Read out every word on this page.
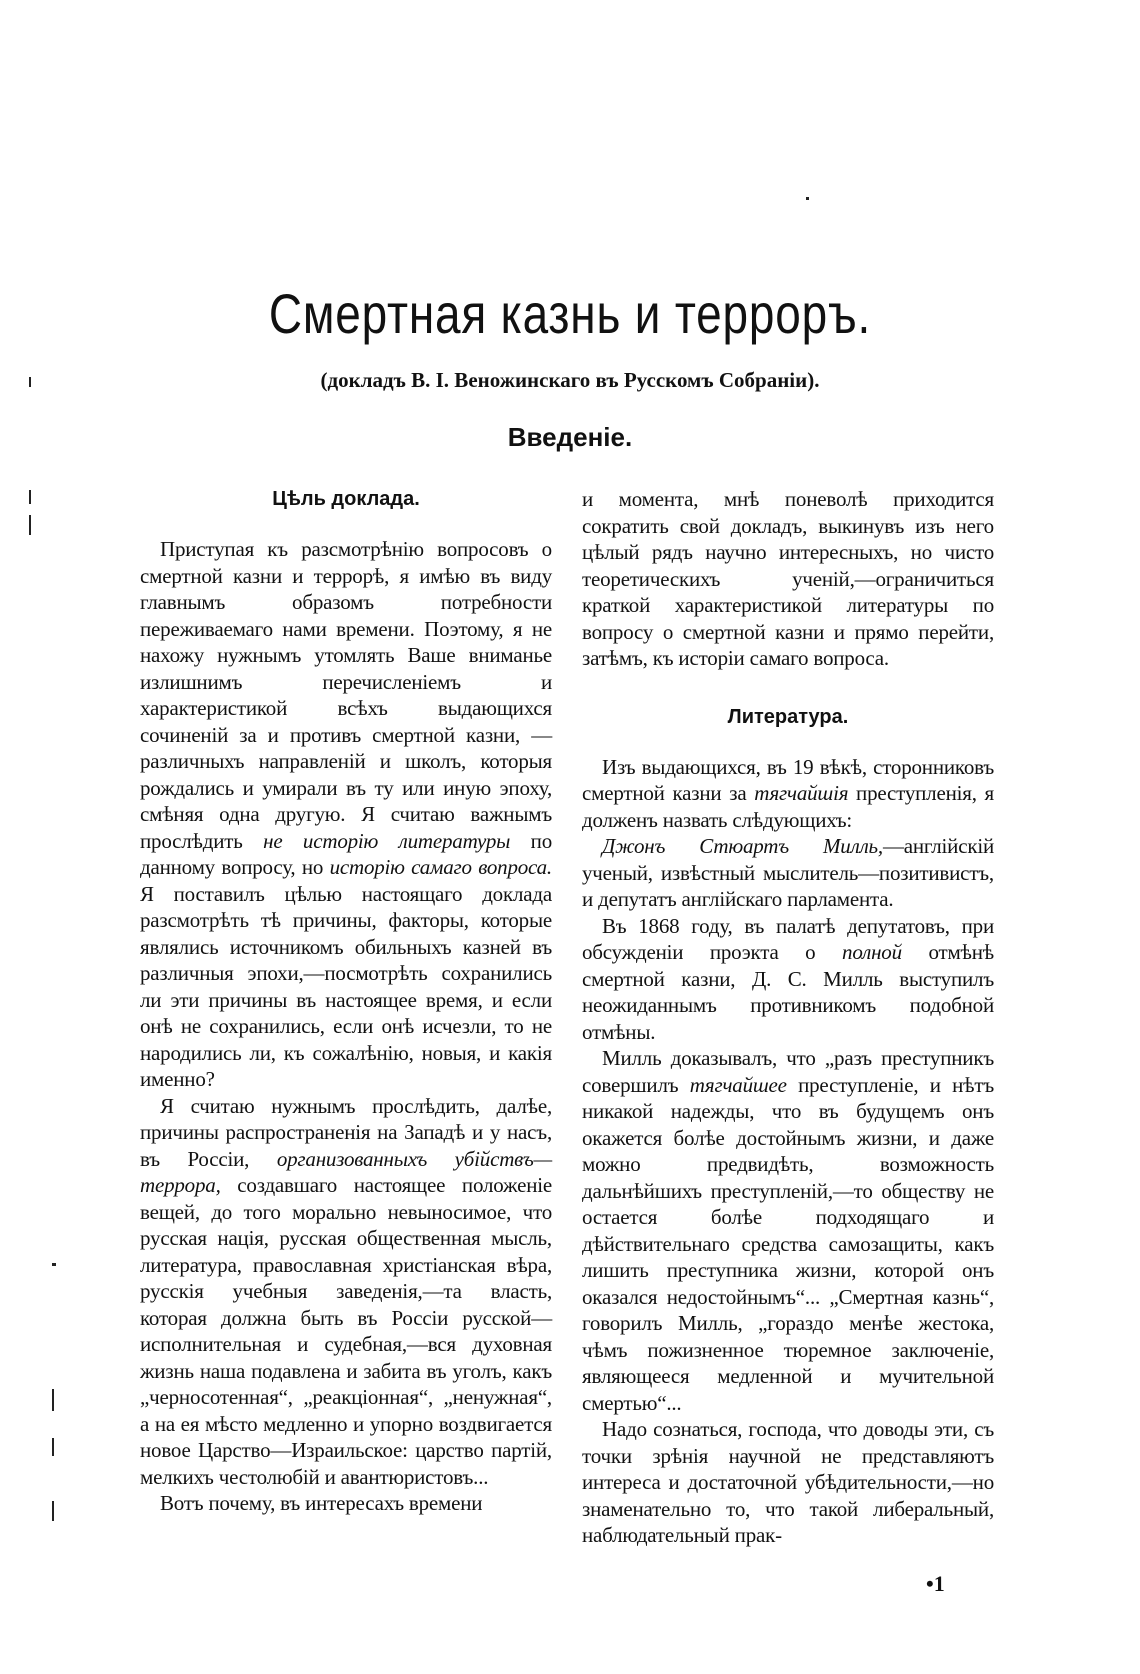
Смертная казнь и терроръ.
(докладъ В. I. Веножинскаго въ Русскомъ Собранiи).
Введенiе.
Цѣль доклада.

Приступая къ разсмотрѣнiю вопросовъ о смертной казни и террорѣ, я имѣю въ виду главнымъ образомъ потребности переживаемаго нами времени. Поэтому, я не нахожу нужнымъ утомлять Ваше вниманье излишнимъ перечисленiемъ и характеристикой всѣхъ выдающихся сочиненiй за и противъ смертной казни, —различныхъ направленiй и школъ, которыя рождались и умирали въ ту или иную эпоху, смѣняя одна другую. Я считаю важнымъ прослѣдить не исторiю литературы по данному вопросу, но исторiю самаго вопроса. Я поставилъ цѣлью настоящаго доклада разсмотрѣть тѣ причины, факторы, которые являлись источникомъ обильныхъ казней въ различныя эпохи,—посмотрѣть сохранились ли эти причины въ настоящее время, и если онѣ не сохранились, если онѣ исчезли, то не народились ли, къ сожалѣнiю, новыя, и какiя именно?

Я считаю нужнымъ прослѣдить, далѣе, причины распространенiя на Западѣ и у насъ, въ Россiи, организованныхъ убiйствъ—террора, создавшаго настоящее положенiе вещей, до того морально невыносимое, что русская нацiя, русская общественная мысль, литература, православная христiанская вѣра, русскiя учебныя заведенiя,—та власть, которая должна быть въ Россiи русской—исполнительная и судебная,—вся духовная жизнь наша подавлена и забита въ уголъ, какъ „черносотенная“, „реакцiонная“, „ненужная“, а на ея мѣсто медленно и упорно воздвигается новое Царство—Израильское: царство партiй, мелкихъ честолюбiй и авантюристовъ...

Вотъ почему, въ интересахъ времени

и момента, мнѣ поневолѣ приходится сократить свой докладъ, выкинувъ изъ него цѣлый рядъ научно интересныхъ, но чисто теоретическихъ ученiй,—ограничиться краткой характеристикой литературы по вопросу о смертной казни и прямо перейти, затѣмъ, къ исторiи самаго вопроса.

Литература.

Изъ выдающихся, въ 19 вѣкѣ, сторонниковъ смертной казни за тягчайшiя преступленiя, я долженъ назвать слѣдующихъ:

Джонъ Стюартъ Милль,—англiйскiй ученый, извѣстный мыслитель—позитивистъ, и депутатъ англiйскаго парламента.

Въ 1868 году, въ палатѣ депутатовъ, при обсужденiи проэкта о полной отмѣнѣ смертной казни, Д. С. Милль выступилъ неожиданнымъ противникомъ подобной отмѣны.

Милль доказывалъ, что „разъ преступникъ совершилъ тягчайшее преступленiе, и нѣтъ никакой надежды, что въ будущемъ онъ окажется болѣе достойнымъ жизни, и даже можно предвидѣть, возможность дальнѣйшихъ преступленiй,—то обществу не остается болѣе подходящаго и дѣйствительнаго средства самозащиты, какъ лишить преступника жизни, которой онъ оказался недостойнымъ“... „Смертная казнь“, говорилъ Милль, „гораздо менѣе жестока, чѣмъ пожизненное тюремное заключенiе, являющееся медленной и мучительной смертью“...

Надо сознаться, господа, что доводы эти, съ точки зрѣнiя научной не представляютъ интереса и достаточной убѣдительности,—но знаменательно то, что такой либеральный, наблюдательный прак-

•1
